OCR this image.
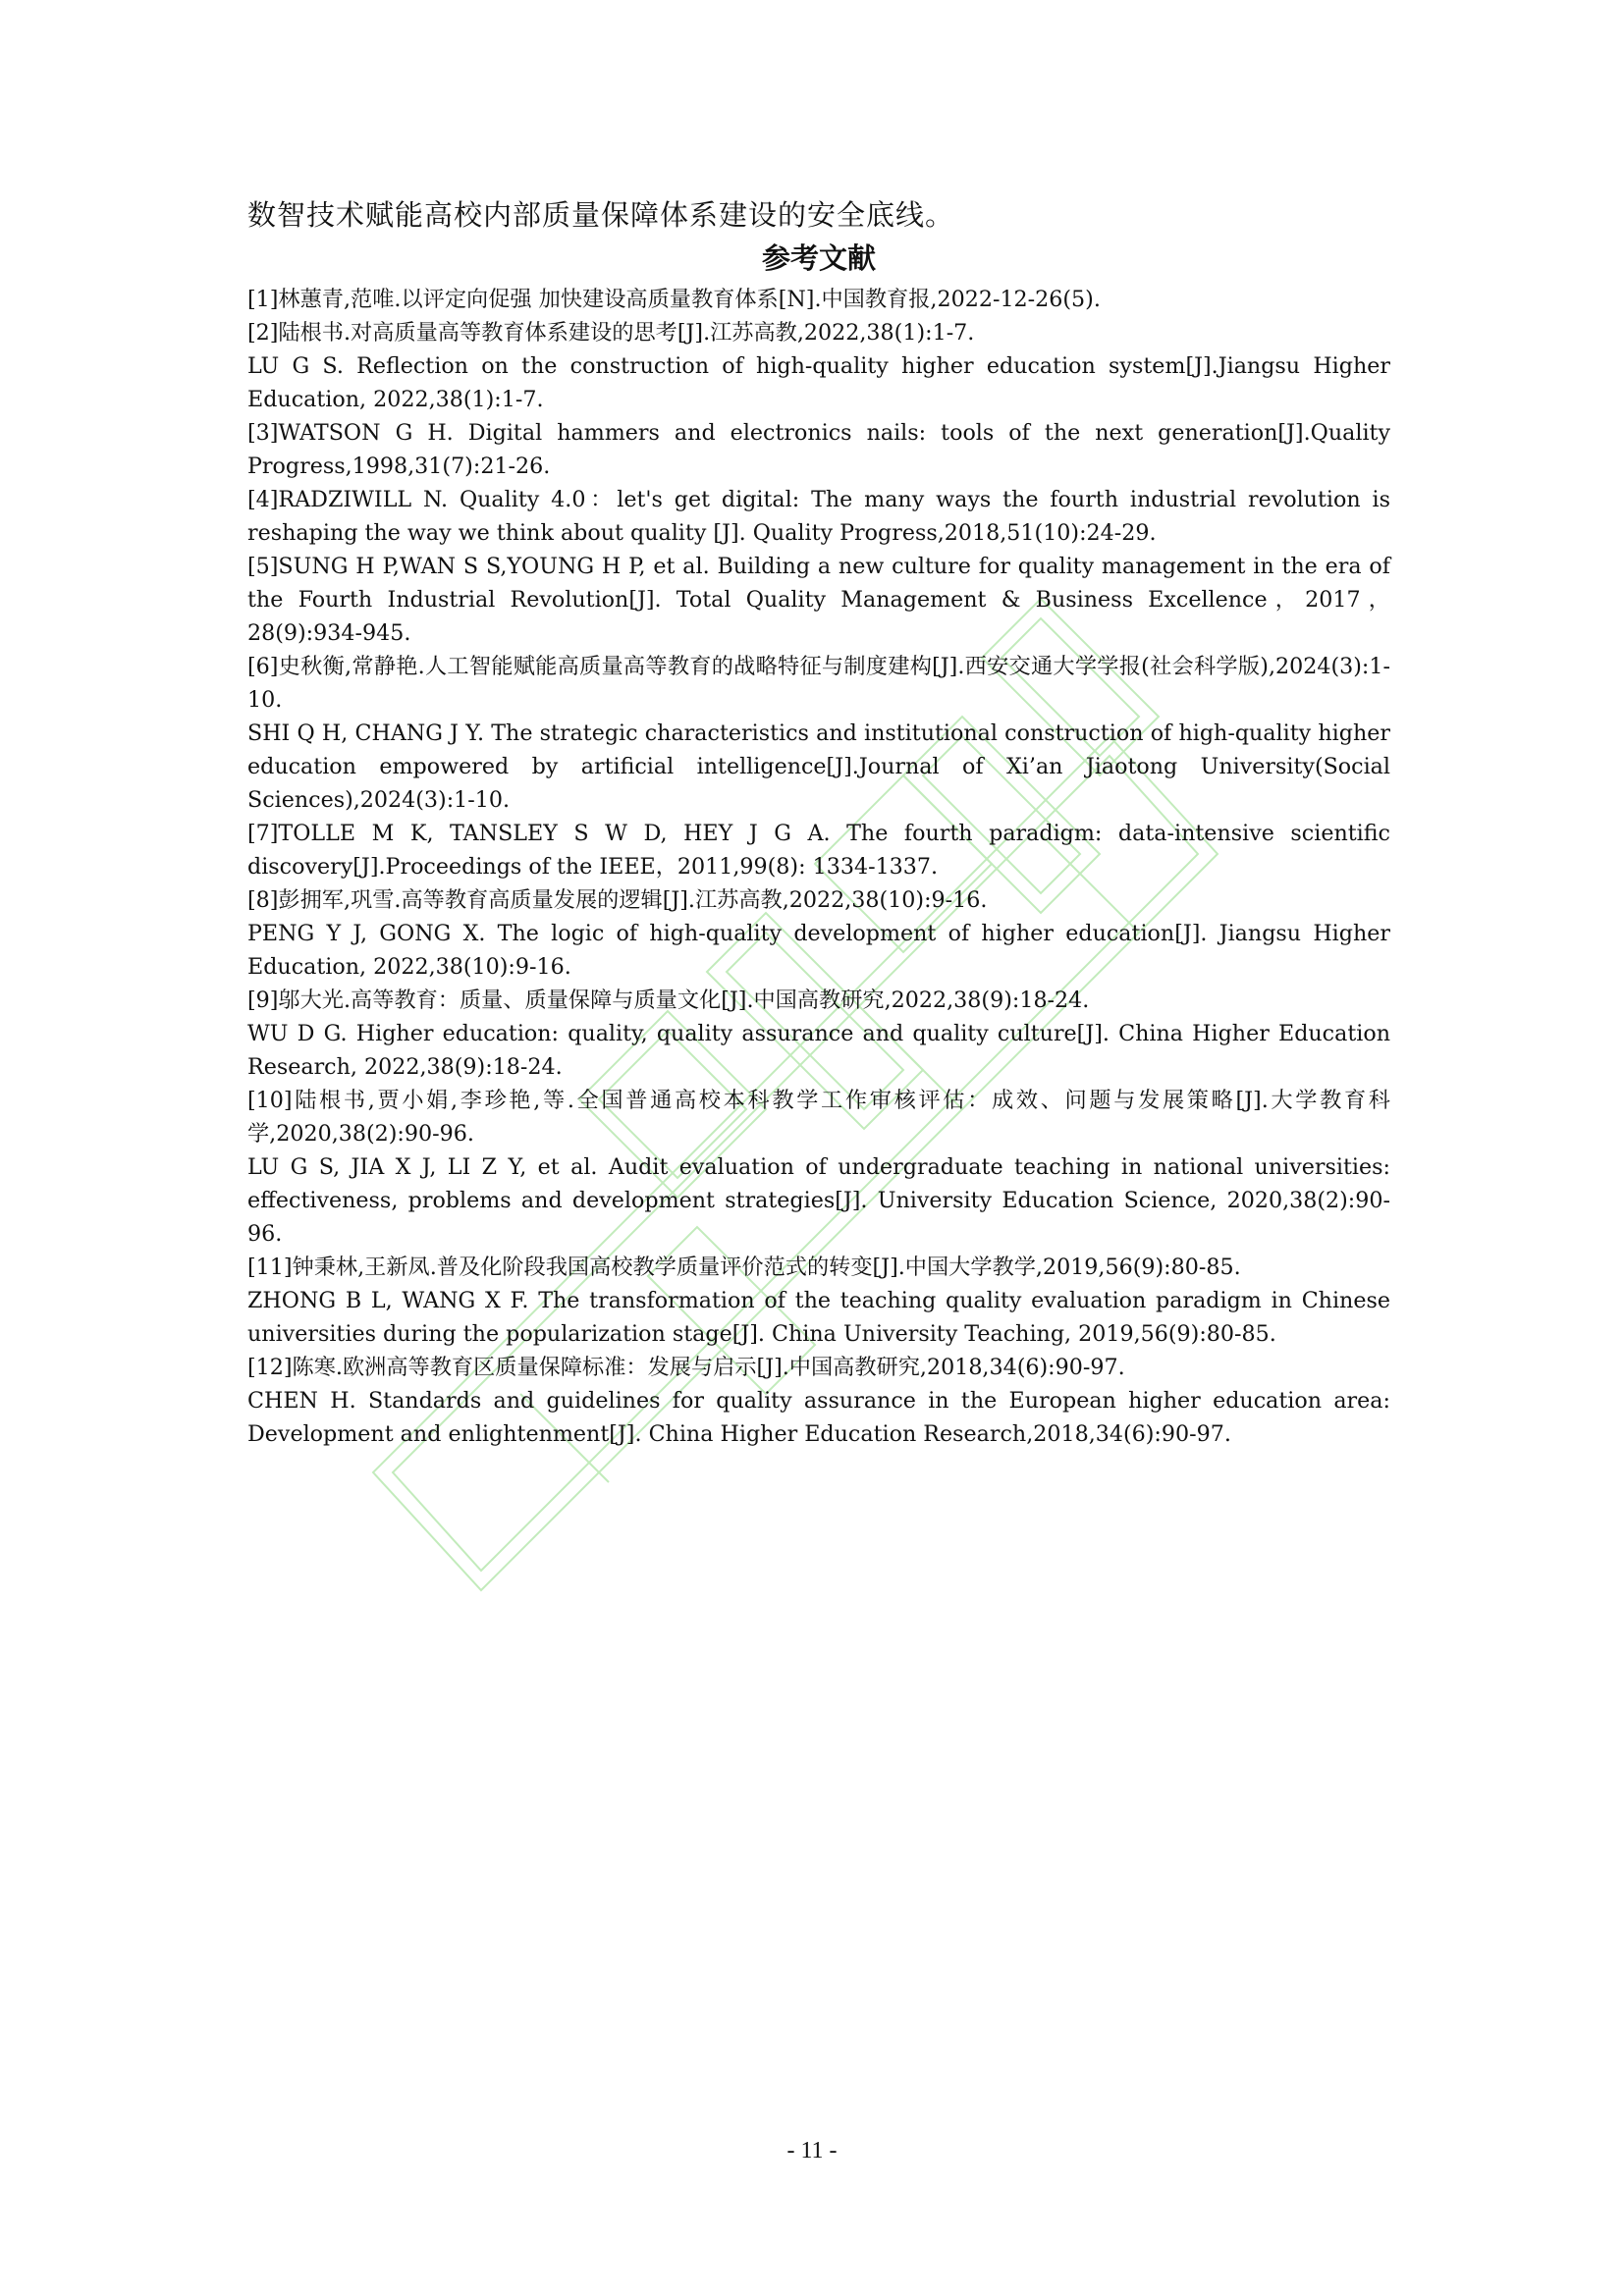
数智技术赋能高校内部质量保障体系建设的安全底线。

参考文献

[1]林蕙青,范唯.以评定向促强 加快建设高质量教育体系[N].中国教育报,2022-12-26(5).

[2]陆根书.对高质量高等教育体系建设的思考[J].江苏高教,2022,38(1):1-7.

LU G S. Reflection on the construction of high-quality higher education system[J].Jiangsu Higher Education, 2022,38(1):1-7.

[3]WATSON G H. Digital hammers and electronics nails: tools of the next generation[J].Quality Progress,1998,31(7):21-26.

[4]RADZIWILL N. Quality 4.0：let's get digital: The many ways the fourth industrial revolution is reshaping the way we think about quality [J]. Quality Progress,2018,51(10):24-29.

[5]SUNG H P,WAN S S,YOUNG H P, et al. Building a new culture for quality management in the era of the Fourth Industrial Revolution[J]. Total Quality Management & Business Excellence，2017，28(9):934-945.

[6]史秋衡,常静艳.人工智能赋能高质量高等教育的战略特征与制度建构[J].西安交通大学学报(社会科学版),2024(3):1-10.

SHI Q H, CHANG J Y. The strategic characteristics and institutional construction of high-quality higher education empowered by artificial intelligence[J].Journal of Xi’an Jiaotong University(Social Sciences),2024(3):1-10.

[7]TOLLE M K, TANSLEY S W D, HEY J G A. The fourth paradigm: data-intensive scientific discovery[J].Proceedings of the IEEE，2011,99(8): 1334-1337.

[8]彭拥军,巩雪.高等教育高质量发展的逻辑[J].江苏高教,2022,38(10):9-16.

PENG Y J, GONG X. The logic of high-quality development of higher education[J]. Jiangsu Higher Education, 2022,38(10):9-16.

[9]邬大光.高等教育：质量、质量保障与质量文化[J].中国高教研究,2022,38(9):18-24.

WU D G. Higher education: quality, quality assurance and quality culture[J]. China Higher Education Research, 2022,38(9):18-24.

[10]陆根书,贾小娟,李珍艳,等.全国普通高校本科教学工作审核评估：成效、问题与发展策略[J].大学教育科学,2020,38(2):90-96.

LU G S, JIA X J, LI Z Y, et al. Audit evaluation of undergraduate teaching in national universities: effectiveness, problems and development strategies[J]. University Education Science, 2020,38(2):90-96.

[11]钟秉林,王新凤.普及化阶段我国高校教学质量评价范式的转变[J].中国大学教学,2019,56(9):80-85.

ZHONG B L, WANG X F. The transformation of the teaching quality evaluation paradigm in Chinese universities during the popularization stage[J]. China University Teaching, 2019,56(9):80-85.

[12]陈寒.欧洲高等教育区质量保障标准：发展与启示[J].中国高教研究,2018,34(6):90-97.

CHEN H. Standards and guidelines for quality assurance in the European higher education area: Development and enlightenment[J]. China Higher Education Research,2018,34(6):90-97.

- 11 -
